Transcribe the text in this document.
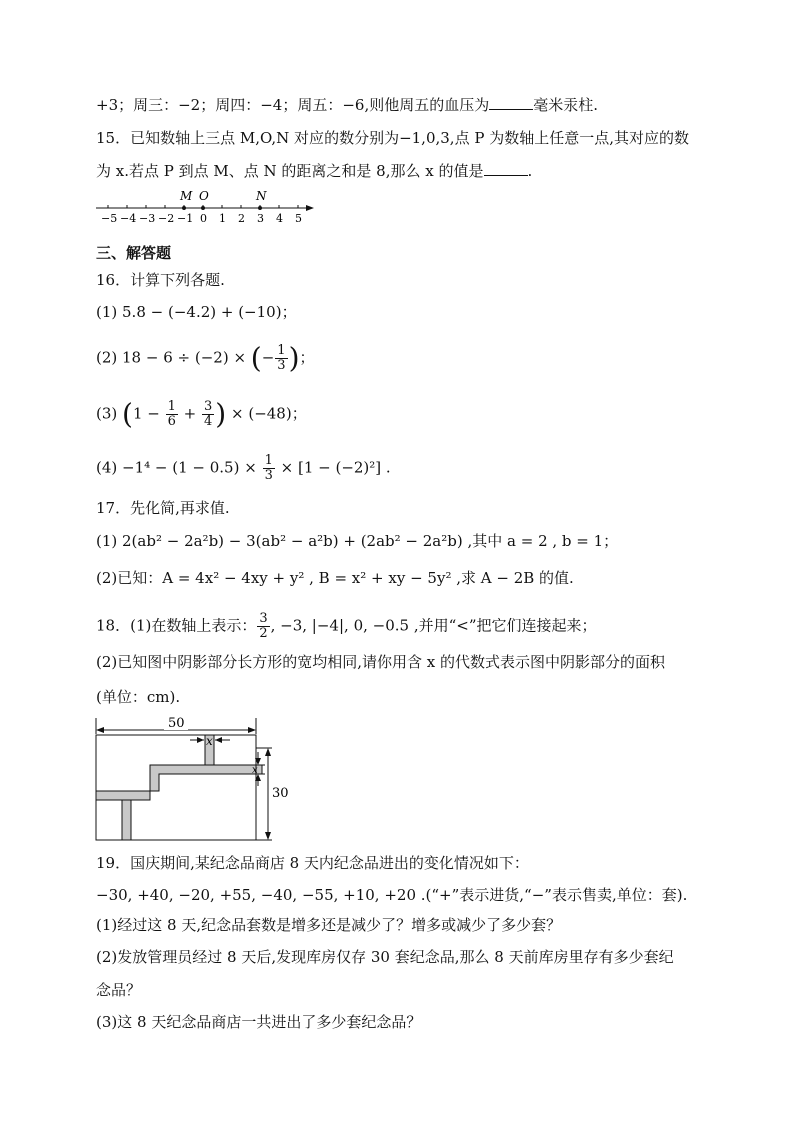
+3；周三：−2；周四：−4；周五：−6,则他周五的血压为	毫米汞柱.
15．已知数轴上三点 M,O,N 对应的数分别为−1,0,3,点 P 为数轴上任意一点,其对应的数
为 x.若点 P 到点 M、点 N 的距离之和是 8,那么 x 的值是	.
−5 −4 −3 −2 −1 0 1 2 3 4 5
M O	N
三、解答题
16．计算下列各题.
(1) 5.8 − (−4.2) + (−10)；
(2) 18 − 6 ÷ (−2) × (− $\frac{1}{3}$ )；
(3) ($1 - \frac{1}{6} + \frac{3}{4}$ ) × (−48)；
$(4) -1^4 - (1 - 0.5) \times \frac{1}{3} \times [1 - (-2)^2]$ .
17．先化简,再求值.
(1) 2(ab² − 2a²b) − 3(ab² − a²b) + (2ab² − 2a²b) ,其中 a = 2 , b = 1；
(2)已知：A = 4x² − 4xy + y² , B = x² + xy − 5y² ,求 A − 2B 的值.
18．(1)在数轴上表示： $\frac{3}{2}$ , −3, |−4|, 0, −0.5 ,并用“<”把它们连接起来；
(2)已知图中阴影部分长方形的宽均相同,请你用含 x 的代数式表示图中阴影部分的面积
(单位：cm).
50
x
30
x
19．国庆期间,某纪念品商店 8 天内纪念品进出的变化情况如下：
−30, +40, −20, +55, −40, −55, +10, +20 .(“+”表示进货,“−”表示售卖,单位：套).
(1)经过这 8 天,纪念品套数是增多还是减少了？增多或减少了多少套？
(2)发放管理员经过 8 天后,发现库房仅存 30 套纪念品,那么 8 天前库房里存有多少套纪
念品？
(3)这 8 天纪念品商店一共进出了多少套纪念品？
